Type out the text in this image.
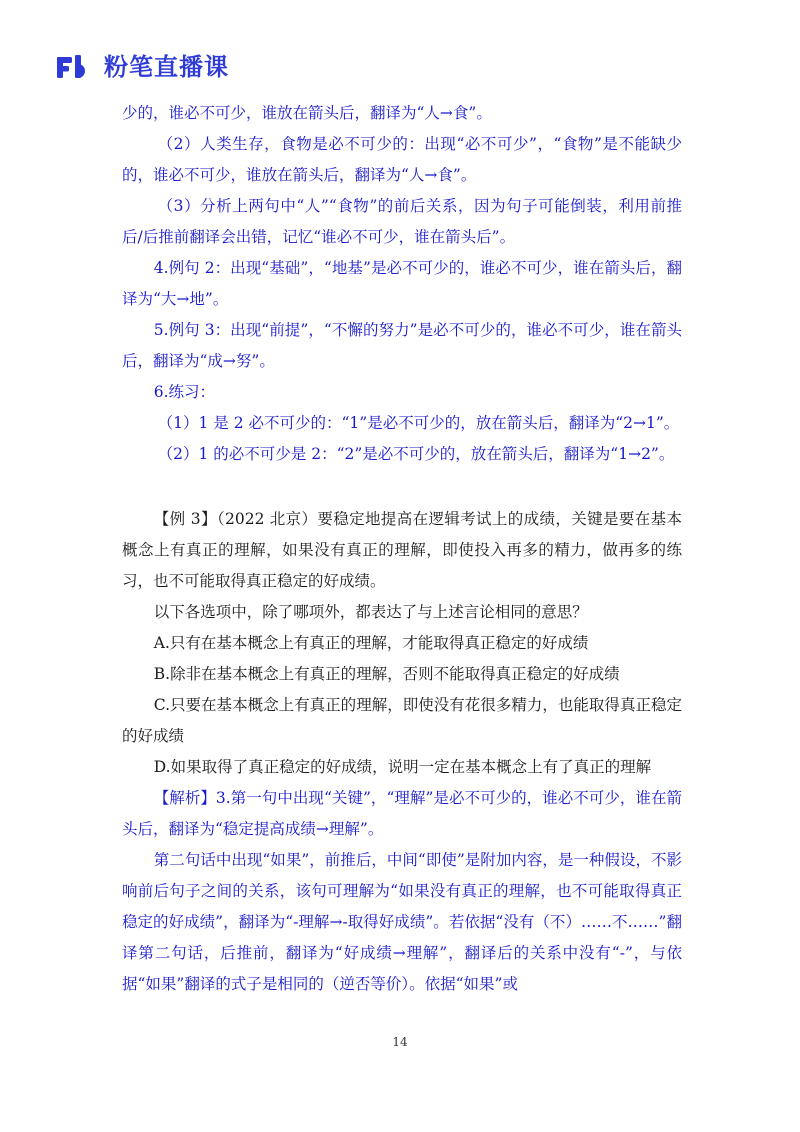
粉笔直播课

少的，谁必不可少，谁放在箭头后，翻译为“人→食”。

（2）人类生存，食物是必不可少的：出现“必不可少”，“食物”是不能缺少的，谁必不可少，谁放在箭头后，翻译为“人→食”。

（3）分析上两句中“人”“食物”的前后关系，因为句子可能倒装，利用前推后/后推前翻译会出错，记忆“谁必不可少，谁在箭头后”。

4.例句 2：出现“基础”，“地基”是必不可少的，谁必不可少，谁在箭头后，翻译为“大→地”。

5.例句 3：出现“前提”，“不懈的努力”是必不可少的，谁必不可少，谁在箭头后，翻译为“成→努”。

6.练习：

（1）1 是 2 必不可少的：“1”是必不可少的，放在箭头后，翻译为“2→1”。

（2）1 的必不可少是 2：“2”是必不可少的，放在箭头后，翻译为“1→2”。

【例 3】（2022 北京）要稳定地提高在逻辑考试上的成绩，关键是要在基本概念上有真正的理解，如果没有真正的理解，即使投入再多的精力，做再多的练习，也不可能取得真正稳定的好成绩。

以下各选项中，除了哪项外，都表达了与上述言论相同的意思？

A.只有在基本概念上有真正的理解，才能取得真正稳定的好成绩

B.除非在基本概念上有真正的理解，否则不能取得真正稳定的好成绩

C.只要在基本概念上有真正的理解，即使没有花很多精力，也能取得真正稳定的好成绩

D.如果取得了真正稳定的好成绩，说明一定在基本概念上有了真正的理解

【解析】3.第一句中出现“关键”，“理解”是必不可少的，谁必不可少，谁在箭头后，翻译为“稳定提高成绩→理解”。

第二句话中出现“如果”，前推后，中间“即使”是附加内容，是一种假设，不影响前后句子之间的关系，该句可理解为“如果没有真正的理解，也不可能取得真正稳定的好成绩”，翻译为“-理解→-取得好成绩”。若依据“没有（不）……不……”翻译第二句话，后推前，翻译为“好成绩→理解”，翻译后的关系中没有“-”，与依据“如果”翻译的式子是相同的（逆否等价）。依据“如果”或

14
